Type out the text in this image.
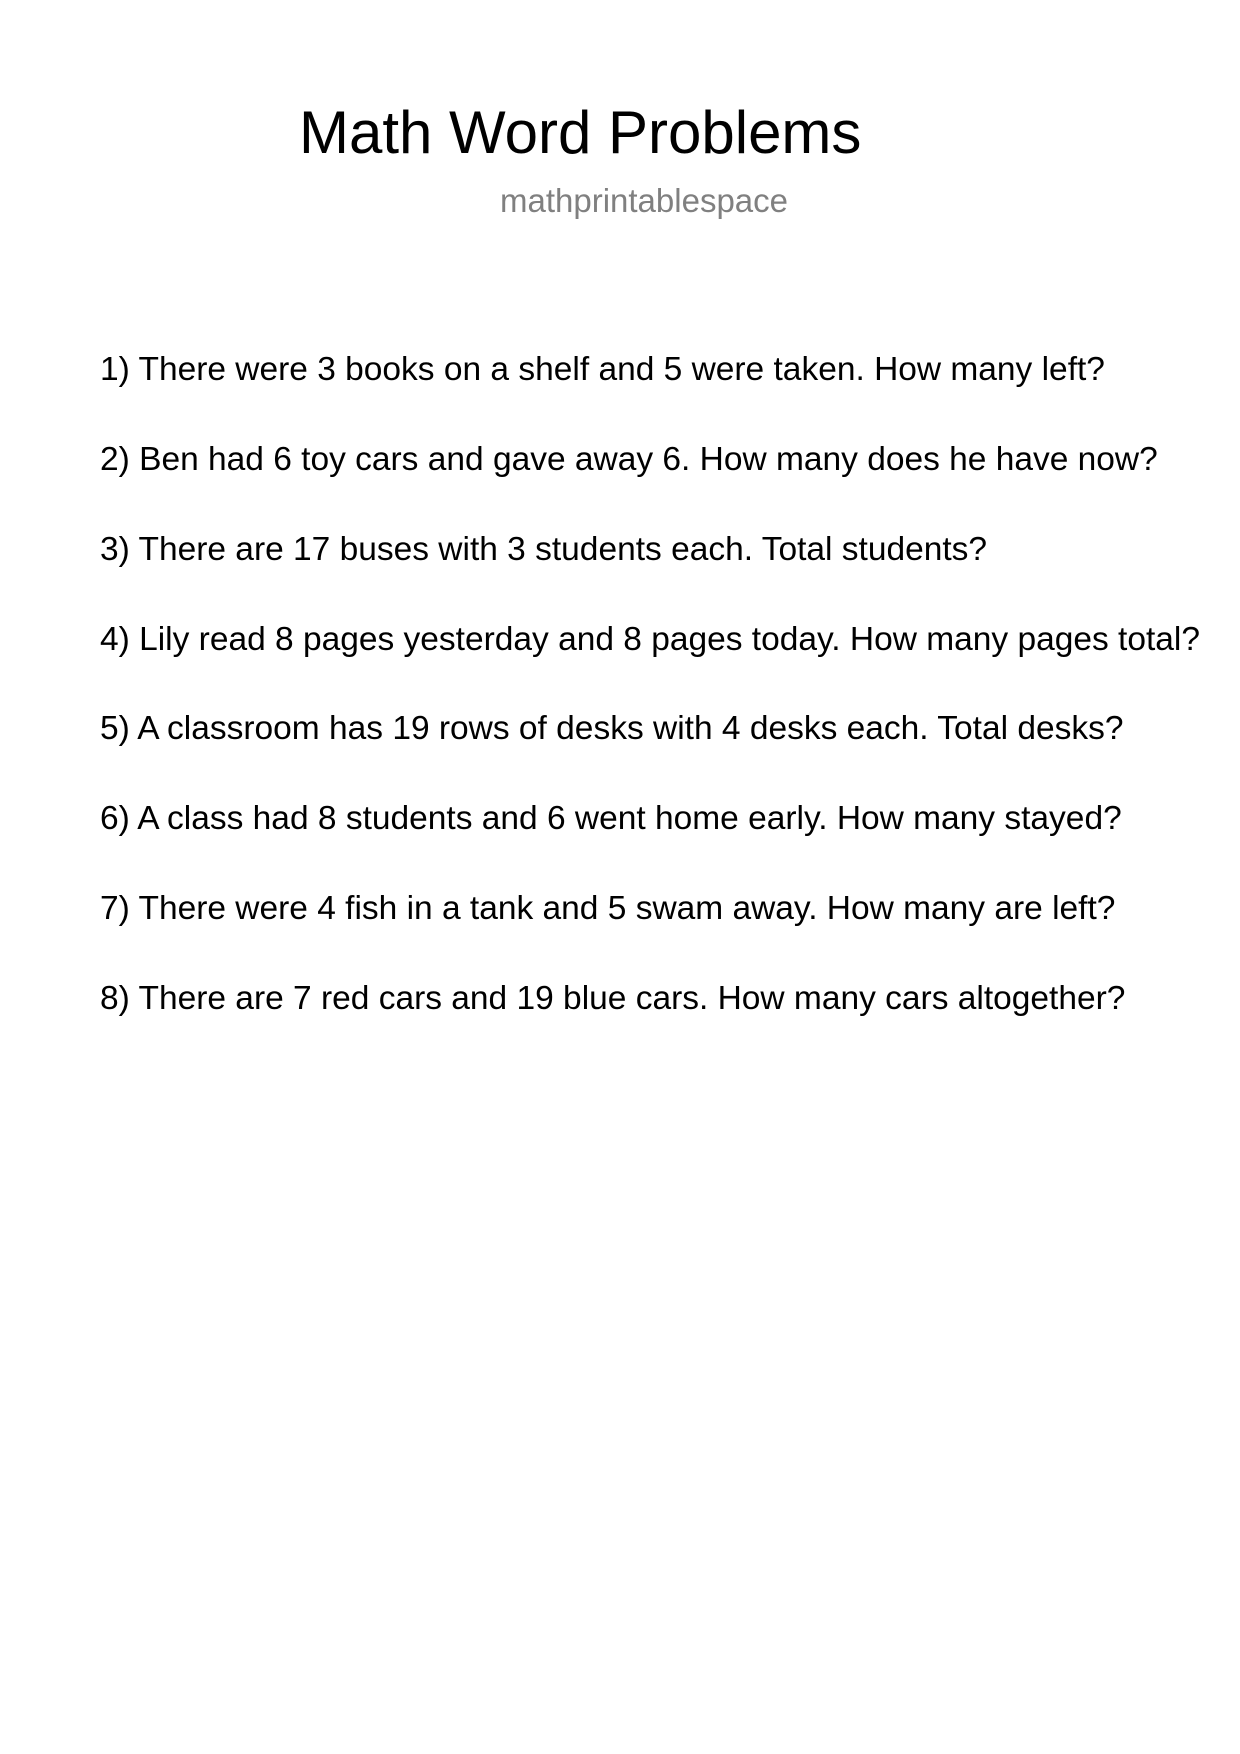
Math Word Problems
mathprintablespace
1) There were 3 books on a shelf and 5 were taken. How many left?
2) Ben had 6 toy cars and gave away 6. How many does he have now?
3) There are 17 buses with 3 students each. Total students?
4) Lily read 8 pages yesterday and 8 pages today. How many pages total?
5) A classroom has 19 rows of desks with 4 desks each. Total desks?
6) A class had 8 students and 6 went home early. How many stayed?
7) There were 4 fish in a tank and 5 swam away. How many are left?
8) There are 7 red cars and 19 blue cars. How many cars altogether?
